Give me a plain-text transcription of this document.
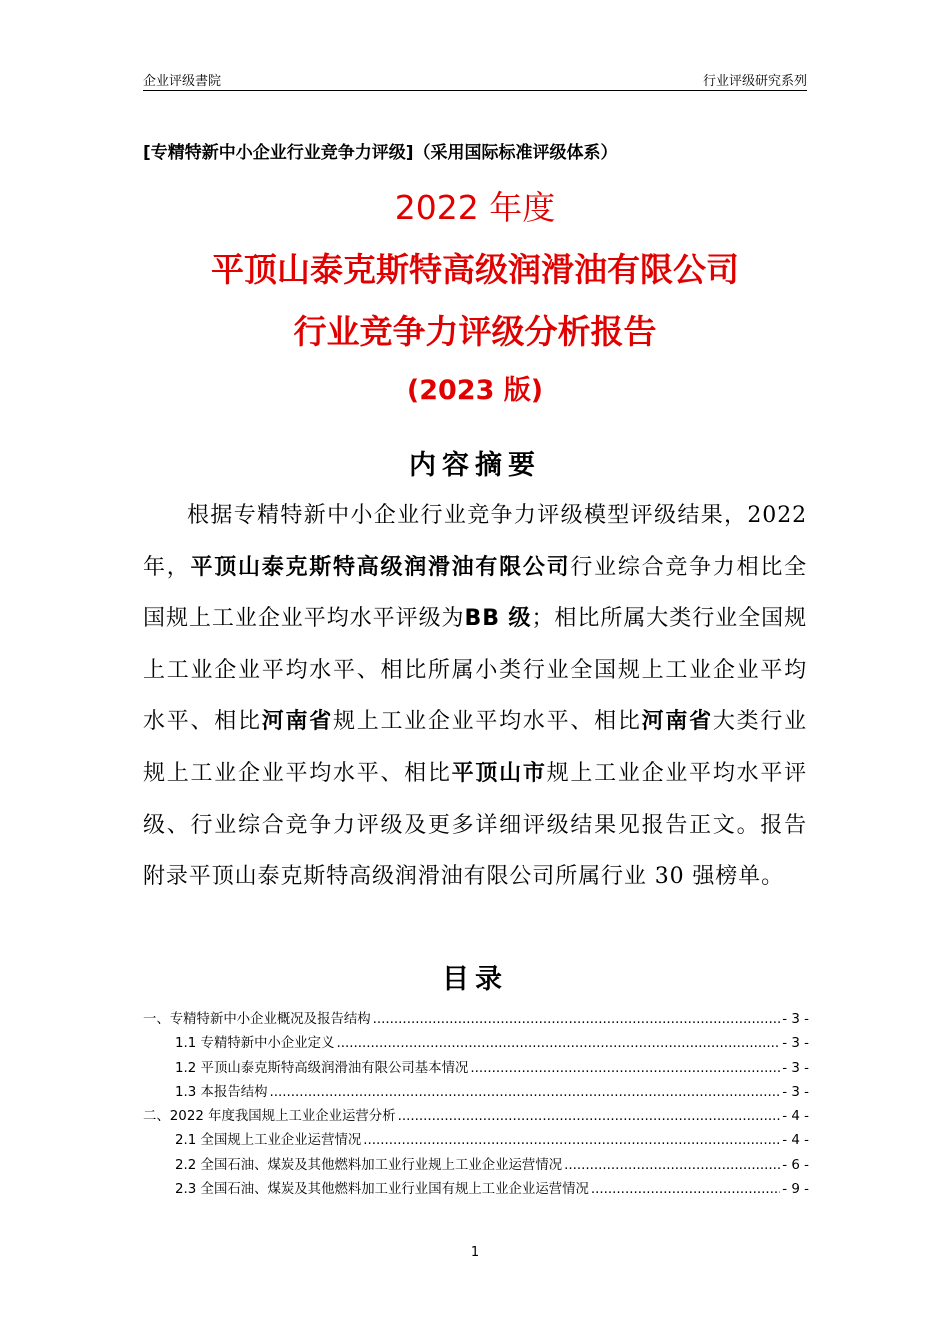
企业评级書院	行业评级研究系列
[专精特新中小企业行业竞争力评级]（采用国际标准评级体系）
2022 年度
平顶山泰克斯特高级润滑油有限公司
行业竞争力评级分析报告
(2023 版)
内容摘要
根据专精特新中小企业行业竞争力评级模型评级结果，2022 年，平顶山泰克斯特高级润滑油有限公司行业综合竞争力相比全国规上工业企业平均水平评级为BB 级；相比所属大类行业全国规上工业企业平均水平、相比所属小类行业全国规上工业企业平均水平、相比河南省规上工业企业平均水平、相比河南省大类行业规上工业企业平均水平、相比平顶山市规上工业企业平均水平评级、行业综合竞争力评级及更多详细评级结果见报告正文。报告附录平顶山泰克斯特高级润滑油有限公司所属行业 30 强榜单。
目录
一、专精特新中小企业概况及报告结构 .....	- 3 -
1.1 专精特新中小企业定义 .....	- 3 -
1.2 平顶山泰克斯特高级润滑油有限公司基本情况 .....	- 3 -
1.3 本报告结构 .....	- 3 -
二、2022 年度我国规上工业企业运营分析 .....	- 4 -
2.1 全国规上工业企业运营情况 .....	- 4 -
2.2 全国石油、煤炭及其他燃料加工业行业规上工业企业运营情况 .....	- 6 -
2.3 全国石油、煤炭及其他燃料加工业行业国有规上工业企业运营情况 .....	- 9 -
1
